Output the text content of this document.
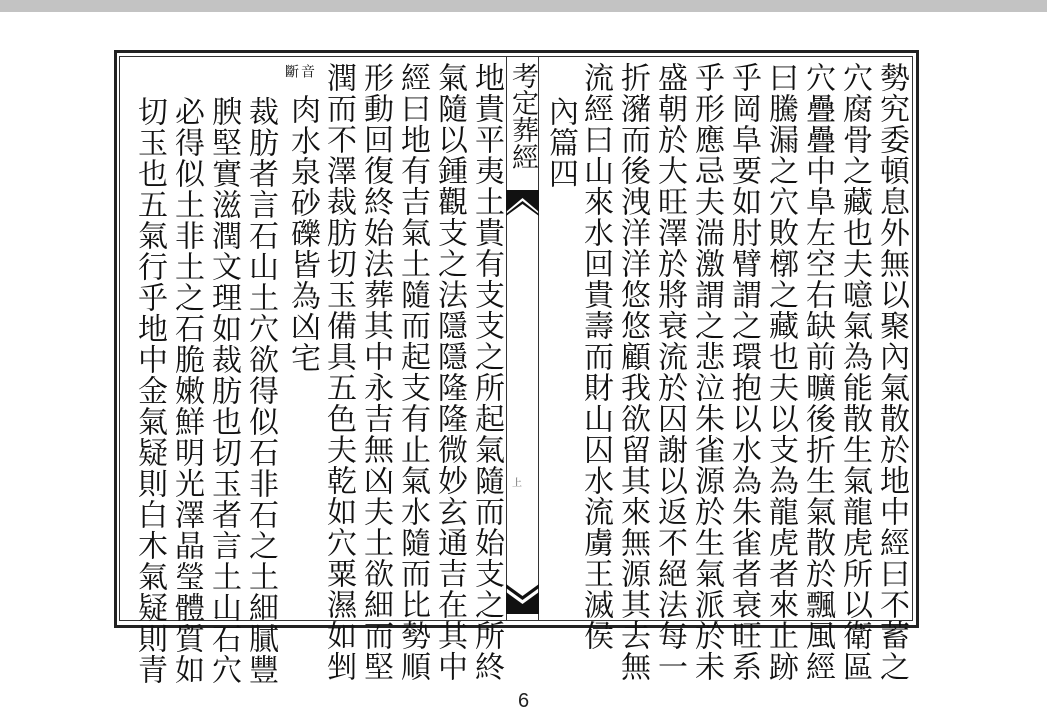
勢究委頓息外無以聚內氣散於地中經曰不蓄之
穴腐骨之藏也夫噫氣為能散生氣龍虎所以衛區
穴疊疊中阜左空右缺前曠後折生氣散於飄風經
曰騰漏之穴敗槨之藏也夫以支為龍虎者來止跡
乎岡阜要如肘臂謂之環抱以水為朱雀者衰旺系
乎形應忌夫湍激謂之悲泣朱雀源於生氣派於未
盛朝於大旺澤於將衰流於囚謝以返不絕法每一
折瀦而後洩洋洋悠悠顧我欲留其來無源其去無
流經曰山來水回貴壽而財山囚水流虜王滅侯
內篇四
考定葬經
上
地貴平夷土貴有支支之所起氣隨而始支之所終
氣隨以鍾觀支之法隱隱隆隆微妙玄通吉在其中
經曰地有吉氣土隨而起支有止氣水隨而比勢順
形動回復終始法葬其中永吉無凶夫土欲細而堅
潤而不澤裁肪切玉備具五色夫乾如穴粟濕如剉
音
斷
肉水泉砂礫皆為凶宅
裁肪者言石山土穴欲得似石非石之土細膩豐
腴堅實滋潤文理如裁肪也切玉者言土山石穴
必得似土非土之石脆嫩鮮明光澤晶瑩體質如
切玉也五氣行乎地中金氣疑則白木氣疑則青
6
